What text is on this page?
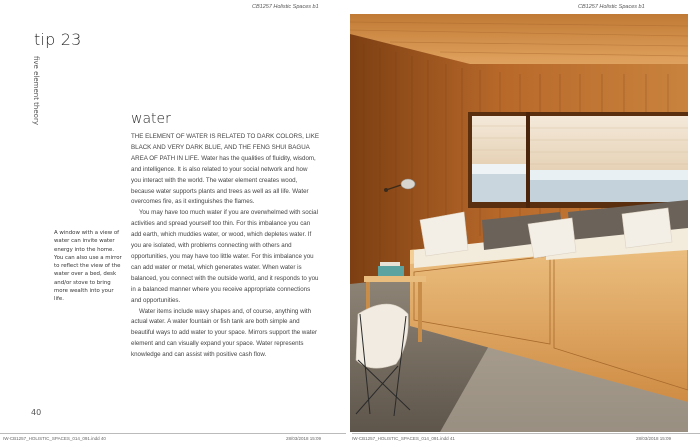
CB1257 Holistic Spaces b1	CB1257 Holistic Spaces b1
tip 23
five element theory
A window with a view of water can invite water energy into the home. You can also use a mirror to reflect the view of the water over a bed, desk and/or stove to bring more wealth into your life.
water

THE ELEMENT OF WATER IS RELATED TO DARK COLORS, LIKE BLACK AND VERY DARK BLUE, AND THE FENG SHUI BAGUA AREA OF PATH IN LIFE. Water has the qualities of fluidity, wisdom, and intelligence. It is also related to your social network and how you interact with the world. The water element creates wood, because water supports plants and trees as well as all life. Water overcomes fire, as it extinguishes the flames.

You may have too much water if you are overwhelmed with social activities and spread yourself too thin. For this imbalance you can add earth, which muddies water, or wood, which depletes water. If you are isolated, with problems connecting with others and opportunities, you may have too little water. For this imbalance you can add water or metal, which generates water. When water is balanced, you connect with the outside world, and it responds to you in a balanced manner where you receive appropriate connections and opportunities.

Water items include wavy shapes and, of course, anything with actual water. A water fountain or fish tank are both simple and beautiful ways to add water to your space. Mirrors support the water element and can visually expand your space. Water represents knowledge and can assist with positive cash flow.

40
IW-CB1257_HOLISTIC_SPACES_014_091.indd 40	28/03/2018 15:09	IW-CB1257_HOLISTIC_SPACES_014_091.indd 41	28/03/2018 15:09
